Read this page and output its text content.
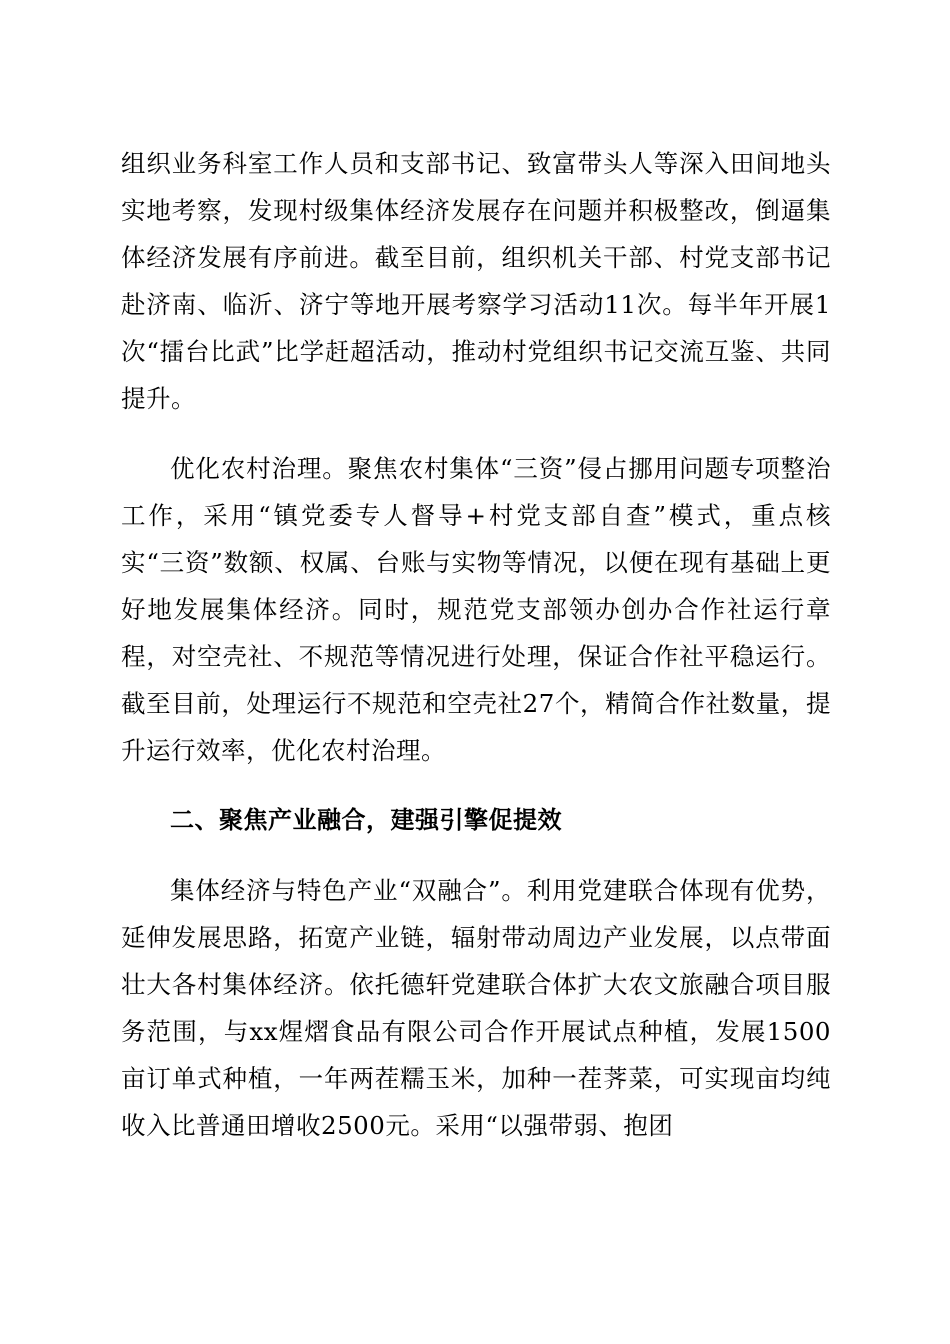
组织业务科室工作人员和支部书记、致富带头人等深入田间地头实地考察，发现村级集体经济发展存在问题并积极整改，倒逼集体经济发展有序前进。截至目前，组织机关干部、村党支部书记赴济南、临沂、济宁等地开展考察学习活动11次。每半年开展1次“擂台比武”比学赶超活动，推动村党组织书记交流互鉴、共同提升。

优化农村治理。聚焦农村集体“三资”侵占挪用问题专项整治工作，采用“镇党委专人督导+村党支部自查”模式，重点核实“三资”数额、权属、台账与实物等情况，以便在现有基础上更好地发展集体经济。同时，规范党支部领办创办合作社运行章程，对空壳社、不规范等情况进行处理，保证合作社平稳运行。截至目前，处理运行不规范和空壳社27个，精简合作社数量，提升运行效率，优化农村治理。

二、聚焦产业融合，建强引擎促提效

集体经济与特色产业“双融合”。利用党建联合体现有优势，延伸发展思路，拓宽产业链，辐射带动周边产业发展，以点带面壮大各村集体经济。依托德轩党建联合体扩大农文旅融合项目服务范围，与xx煋熠食品有限公司合作开展试点种植，发展1500亩订单式种植，一年两茬糯玉米，加种一茬荠菜，可实现亩均纯收入比普通田增收2500元。采用“以强带弱、抱团
